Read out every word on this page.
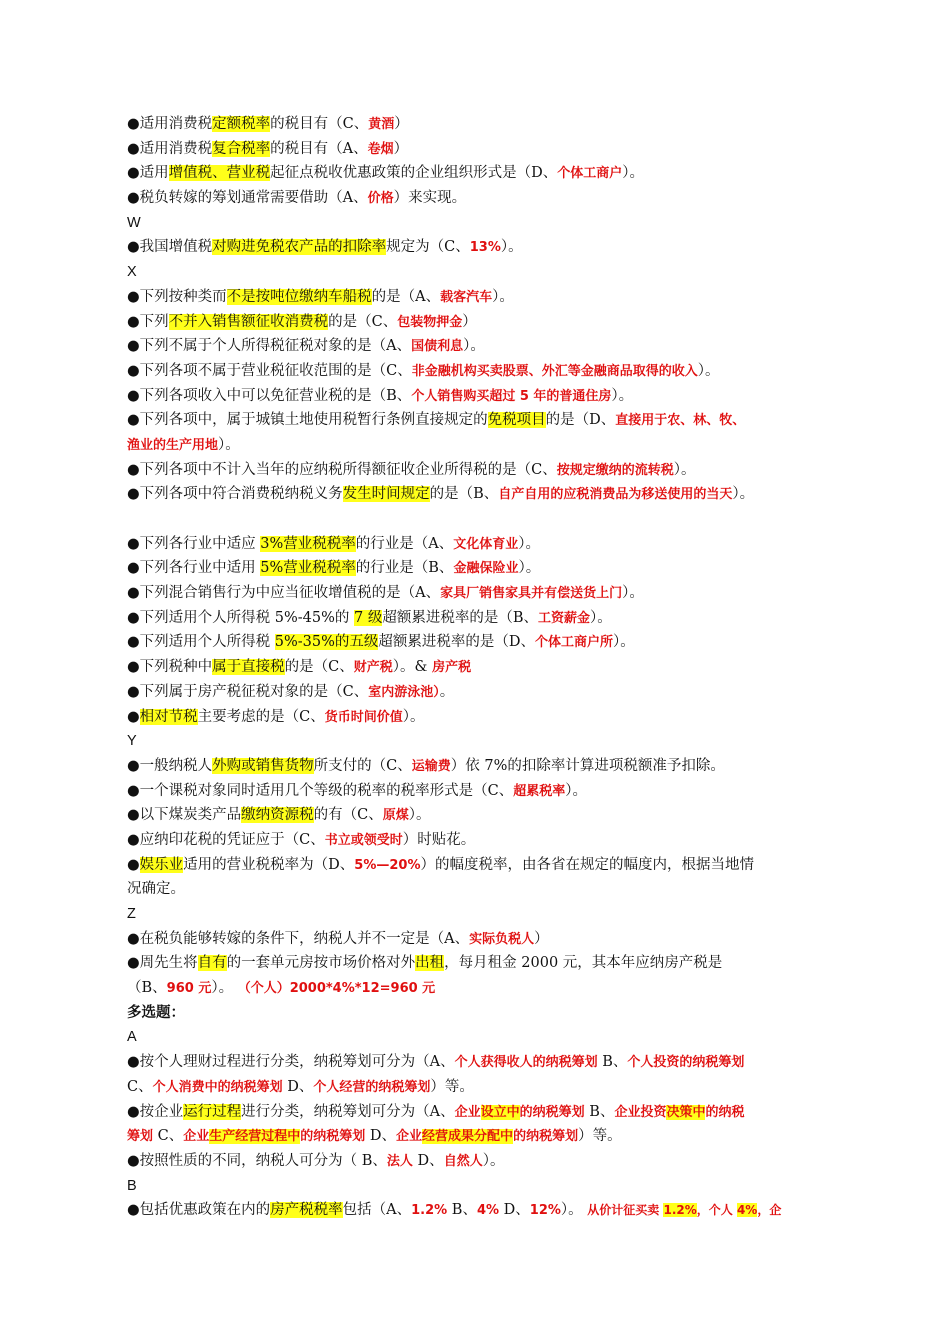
●适用消费税定额税率的税目有（C、黄酒）
●适用消费税复合税率的税目有（A、卷烟）
●适用增值税、营业税起征点税收优惠政策的企业组织形式是（D、个体工商户）。
●税负转嫁的筹划通常需要借助（A、价格）来实现。
W
●我国增值税对购进免税农产品的扣除率规定为（C、13%）。
X
●下列按种类而不是按吨位缴纳车船税的是（A、载客汽车）。
●下列不并入销售额征收消费税的是（C、包装物押金）
●下列不属于个人所得税征税对象的是（A、国债利息）。
●下列各项不属于营业税征收范围的是（C、非金融机构买卖股票、外汇等金融商品取得的收入）。
●下列各项收入中可以免征营业税的是（B、个人销售购买超过 5 年的普通住房）。
●下列各项中，属于城镇土地使用税暂行条例直接规定的免税项目的是（D、直接用于农、林、牧、
渔业的生产用地）。
●下列各项中不计入当年的应纳税所得额征收企业所得税的是（C、按规定缴纳的流转税）。
●下列各项中符合消费税纳税义务发生时间规定的是（B、自产自用的应税消费品为移送使用的当天）。
●下列各行业中适应 3%营业税税率的行业是（A、文化体育业）。
●下列各行业中适用 5%营业税税率的行业是（B、金融保险业）。
●下列混合销售行为中应当征收增值税的是（A、家具厂销售家具并有偿送货上门）。
●下列适用个人所得税 5%-45%的 7 级超额累进税率的是（B、工资薪金）。
●下列适用个人所得税 5%-35%的五级超额累进税率的是（D、个体工商户所）。
●下列税种中属于直接税的是（C、财产税）。& 房产税
●下列属于房产税征税对象的是（C、室内游泳池）。
●相对节税主要考虑的是（C、货币时间价值）。
Y
●一般纳税人外购或销售货物所支付的（C、运输费）依 7%的扣除率计算进项税额准予扣除。
●一个课税对象同时适用几个等级的税率的税率形式是（C、超累税率）。
●以下煤炭类产品缴纳资源税的有（C、原煤）。
●应纳印花税的凭证应于（C、书立或领受时）时贴花。
●娱乐业适用的营业税税率为（D、5%—20%）的幅度税率，由各省在规定的幅度内，根据当地情
况确定。
Z
●在税负能够转嫁的条件下，纳税人并不一定是（A、实际负税人）
●周先生将自有的一套单元房按市场价格对外出租，每月租金 2000 元，其本年应纳房产税是
（B、960 元）。 （个人）2000*4%*12=960 元
多选题：
A
●按个人理财过程进行分类，纳税筹划可分为（A、个人获得收人的纳税筹划 B、个人投资的纳税筹划
C、个人消费中的纳税筹划 D、个人经营的纳税筹划）等。
●按企业运行过程进行分类，纳税筹划可分为（A、企业设立中的纳税筹划 B、企业投资决策中的纳税
筹划 C、企业生产经营过程中的纳税筹划 D、企业经营成果分配中的纳税筹划）等。
●按照性质的不同，纳税人可分为（ B、法人 D、自然人）。
B
●包括优惠政策在内的房产税税率包括（A、1.2% B、4% D、12%）。 从价计征买卖 1.2%，个人 4%，企
